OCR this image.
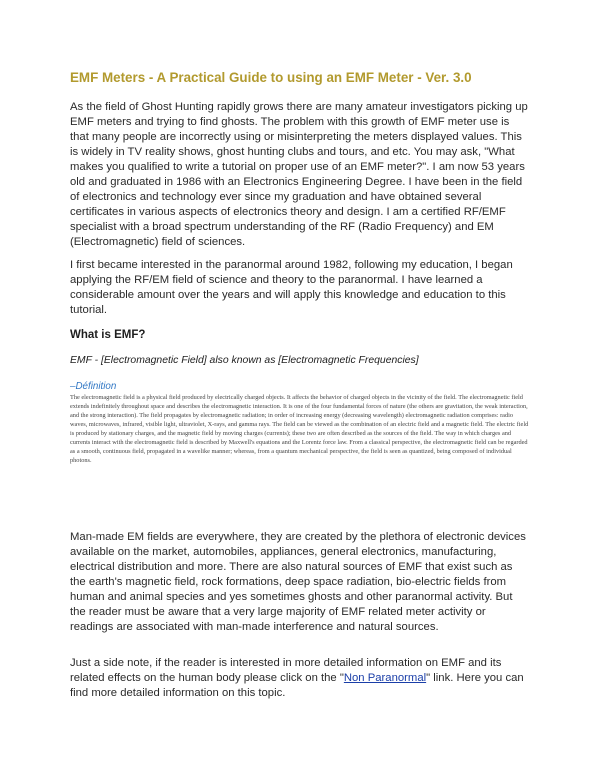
EMF Meters - A Practical Guide to using an EMF Meter - Ver. 3.0

As the field of Ghost Hunting rapidly grows there are many amateur investigators picking up EMF meters and trying to find ghosts. The problem with this growth of EMF meter use is that many people are incorrectly using or misinterpreting the meters displayed values. This is widely in TV reality shows, ghost hunting clubs and tours, and etc. You may ask, "What makes you qualified to write a tutorial on proper use of an EMF meter?". I am now 53 years old and graduated in 1986 with an Electronics Engineering Degree. I have been in the field of electronics and technology ever since my graduation and have obtained several certificates in various aspects of electronics theory and design. I am a certified RF/EMF specialist with a broad spectrum understanding of the RF (Radio Frequency) and EM (Electromagnetic) field of sciences.

I first became interested in the paranormal around 1982, following my education, I began applying the RF/EM field of science and theory to the paranormal. I have learned a considerable amount over the years and will apply this knowledge and education to this tutorial.

What is EMF?
EMF - [Electromagnetic Field] also known as [Electromagnetic Frequencies]
–Définition

The electromagnetic field is a physical field produced by electrically charged objects. It affects the behavior of charged objects in the vicinity of the field. The electromagnetic field extends indefinitely throughout space and describes the electromagnetic interaction. It is one of the four fundamental forces of nature (the others are gravitation, the weak interaction, and the strong interaction). The field propagates by electromagnetic radiation; in order of increasing energy (decreasing wavelength) electromagnetic radiation comprises: radio waves, microwaves, infrared, visible light, ultraviolet, X-rays, and gamma rays. The field can be viewed as the combination of an electric field and a magnetic field. The electric field is produced by stationary charges, and the magnetic field by moving charges (currents); these two are often described as the sources of the field. The way in which charges and currents interact with the electromagnetic field is described by Maxwell's equations and the Lorentz force law. From a classical perspective, the electromagnetic field can be regarded as a smooth, continuous field, propagated in a wavelike manner; whereas, from a quantum mechanical perspective, the field is seen as quantized, being composed of individual photons.

Man-made EM fields are everywhere, they are created by the plethora of electronic devices available on the market, automobiles, appliances, general electronics, manufacturing, electrical distribution and more. There are also natural sources of EMF that exist such as the earth's magnetic field, rock formations, deep space radiation, bio-electric fields from human and animal species and yes sometimes ghosts and other paranormal activity. But the reader must be aware that a very large majority of EMF related meter activity or readings are associated with man-made interference and natural sources.

Just a side note, if the reader is interested in more detailed information on EMF and its related effects on the human body please click on the "Non Paranormal" link. Here you can find more detailed information on this topic.
